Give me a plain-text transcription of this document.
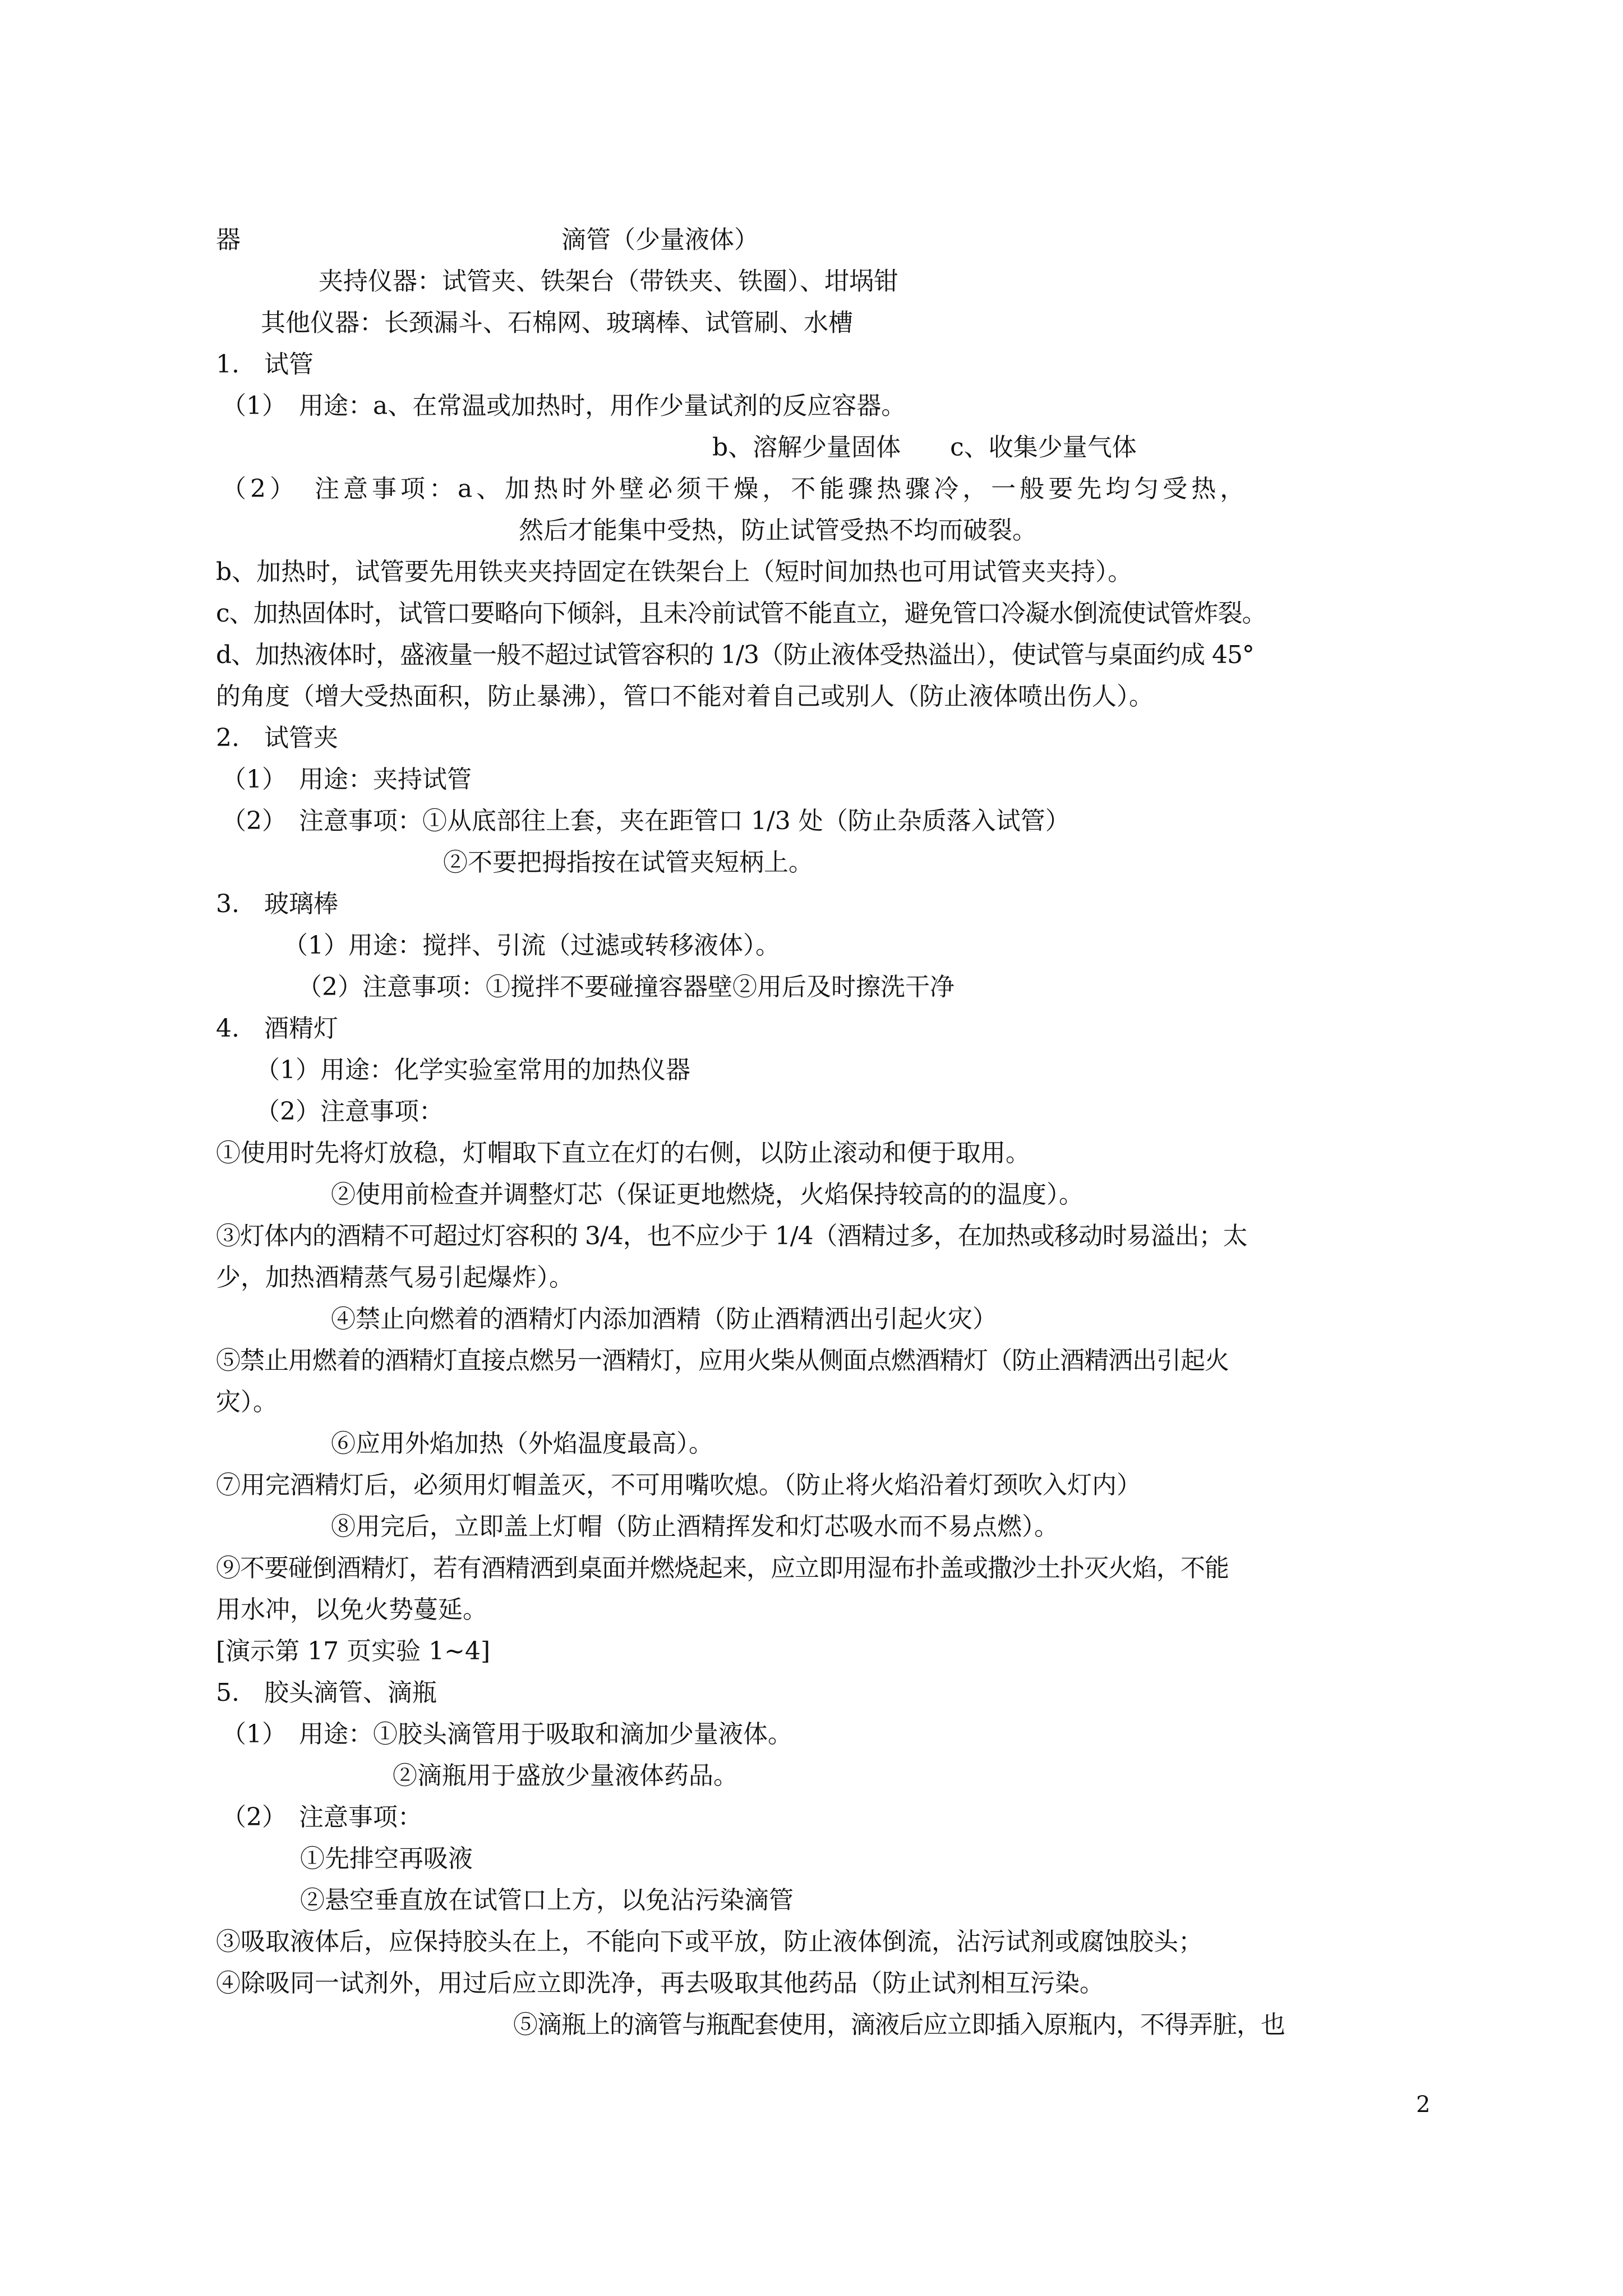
器　　　　　　　　　　　　　滴管（少量液体）

夹持仪器：试管夹、铁架台（带铁夹、铁圈）、坩埚钳

其他仪器：长颈漏斗、石棉网、玻璃棒、试管刷、水槽

1.　试管

（1）　用途：a、在常温或加热时，用作少量试剂的反应容器。

b、溶解少量固体　　c、收集少量气体

（2）　注意事项：a、加热时外壁必须干燥，不能骤热骤冷，一般要先均匀受热，

然后才能集中受热，防止试管受热不均而破裂。

b、加热时，试管要先用铁夹夹持固定在铁架台上（短时间加热也可用试管夹夹持）。

c、加热固体时，试管口要略向下倾斜，且未冷前试管不能直立，避免管口冷凝水倒流使试管炸裂。

d、加热液体时，盛液量一般不超过试管容积的 1/3（防止液体受热溢出），使试管与桌面约成 45°

的角度（增大受热面积，防止暴沸），管口不能对着自己或别人（防止液体喷出伤人）。

2.　试管夹

（1）　用途：夹持试管

（2）　注意事项：①从底部往上套，夹在距管口 1/3 处（防止杂质落入试管）

②不要把拇指按在试管夹短柄上。

3.　玻璃棒

（1）用途：搅拌、引流（过滤或转移液体）。

（2）注意事项：①搅拌不要碰撞容器壁②用后及时擦洗干净

4.　酒精灯

（1）用途：化学实验室常用的加热仪器

（2）注意事项：

①使用时先将灯放稳，灯帽取下直立在灯的右侧，以防止滚动和便于取用。

②使用前检查并调整灯芯（保证更地燃烧，火焰保持较高的的温度）。

③灯体内的酒精不可超过灯容积的 3/4，也不应少于 1/4（酒精过多，在加热或移动时易溢出；太

少，加热酒精蒸气易引起爆炸）。

④禁止向燃着的酒精灯内添加酒精（防止酒精洒出引起火灾）

⑤禁止用燃着的酒精灯直接点燃另一酒精灯，应用火柴从侧面点燃酒精灯（防止酒精洒出引起火

灾）。

⑥应用外焰加热（外焰温度最高）。

⑦用完酒精灯后，必须用灯帽盖灭，不可用嘴吹熄。（防止将火焰沿着灯颈吹入灯内）

⑧用完后，立即盖上灯帽（防止酒精挥发和灯芯吸水而不易点燃）。

⑨不要碰倒酒精灯，若有酒精洒到桌面并燃烧起来，应立即用湿布扑盖或撒沙土扑灭火焰，不能

用水冲，以免火势蔓延。

[演示第 17 页实验 1~4]

5.　胶头滴管、滴瓶

（1）　用途：①胶头滴管用于吸取和滴加少量液体。

②滴瓶用于盛放少量液体药品。

（2）　注意事项：

①先排空再吸液

②悬空垂直放在试管口上方，以免沾污染滴管

③吸取液体后，应保持胶头在上，不能向下或平放，防止液体倒流，沾污试剂或腐蚀胶头；

④除吸同一试剂外，用过后应立即洗净，再去吸取其他药品（防止试剂相互污染。

⑤滴瓶上的滴管与瓶配套使用，滴液后应立即插入原瓶内，不得弄脏，也

2
